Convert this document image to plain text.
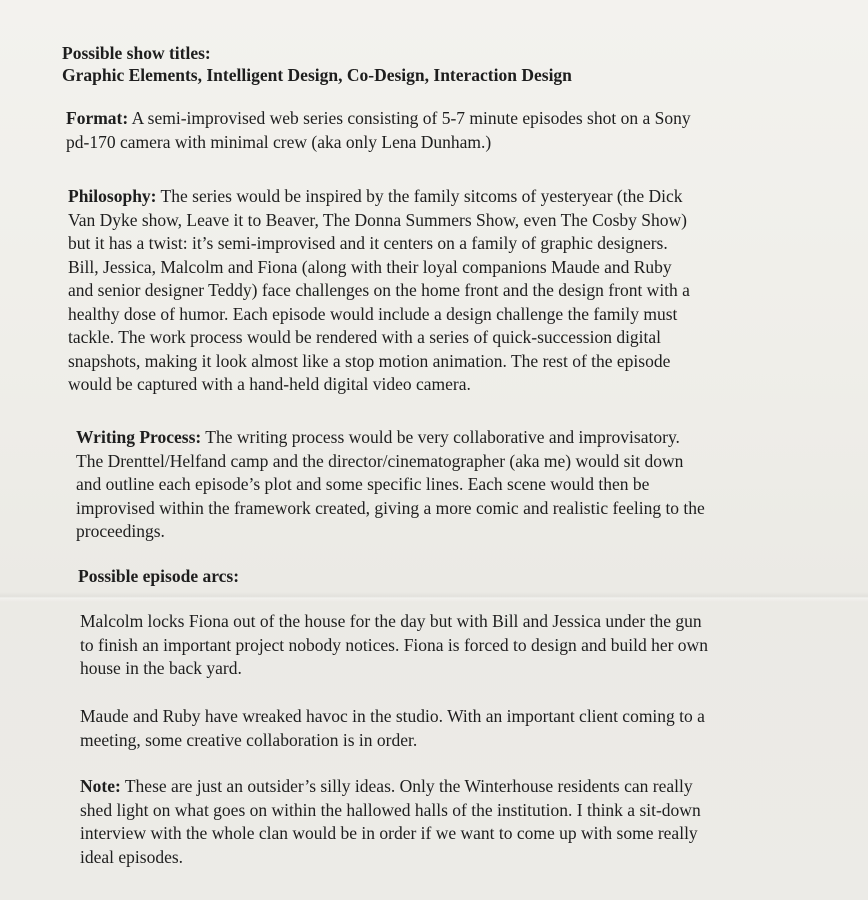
Possible show titles:
Graphic Elements, Intelligent Design, Co-Design, Interaction Design
Format: A semi-improvised web series consisting of 5-7 minute episodes shot on a Sony
pd-170 camera with minimal crew (aka only Lena Dunham.)
Philosophy: The series would be inspired by the family sitcoms of yesteryear (the Dick
Van Dyke show, Leave it to Beaver, The Donna Summers Show, even The Cosby Show)
but it has a twist: it’s semi-improvised and it centers on a family of graphic designers.
Bill, Jessica, Malcolm and Fiona (along with their loyal companions Maude and Ruby
and senior designer Teddy) face challenges on the home front and the design front with a
healthy dose of humor. Each episode would include a design challenge the family must
tackle. The work process would be rendered with a series of quick-succession digital
snapshots, making it look almost like a stop motion animation. The rest of the episode
would be captured with a hand-held digital video camera.
Writing Process: The writing process would be very collaborative and improvisatory.
The Drenttel/Helfand camp and the director/cinematographer (aka me) would sit down
and outline each episode’s plot and some specific lines. Each scene would then be
improvised within the framework created, giving a more comic and realistic feeling to the
proceedings.
Possible episode arcs:
Malcolm locks Fiona out of the house for the day but with Bill and Jessica under the gun
to finish an important project nobody notices. Fiona is forced to design and build her own
house in the back yard.
Maude and Ruby have wreaked havoc in the studio. With an important client coming to a
meeting, some creative collaboration is in order.
Note: These are just an outsider’s silly ideas. Only the Winterhouse residents can really
shed light on what goes on within the hallowed halls of the institution. I think a sit-down
interview with the whole clan would be in order if we want to come up with some really
ideal episodes.
